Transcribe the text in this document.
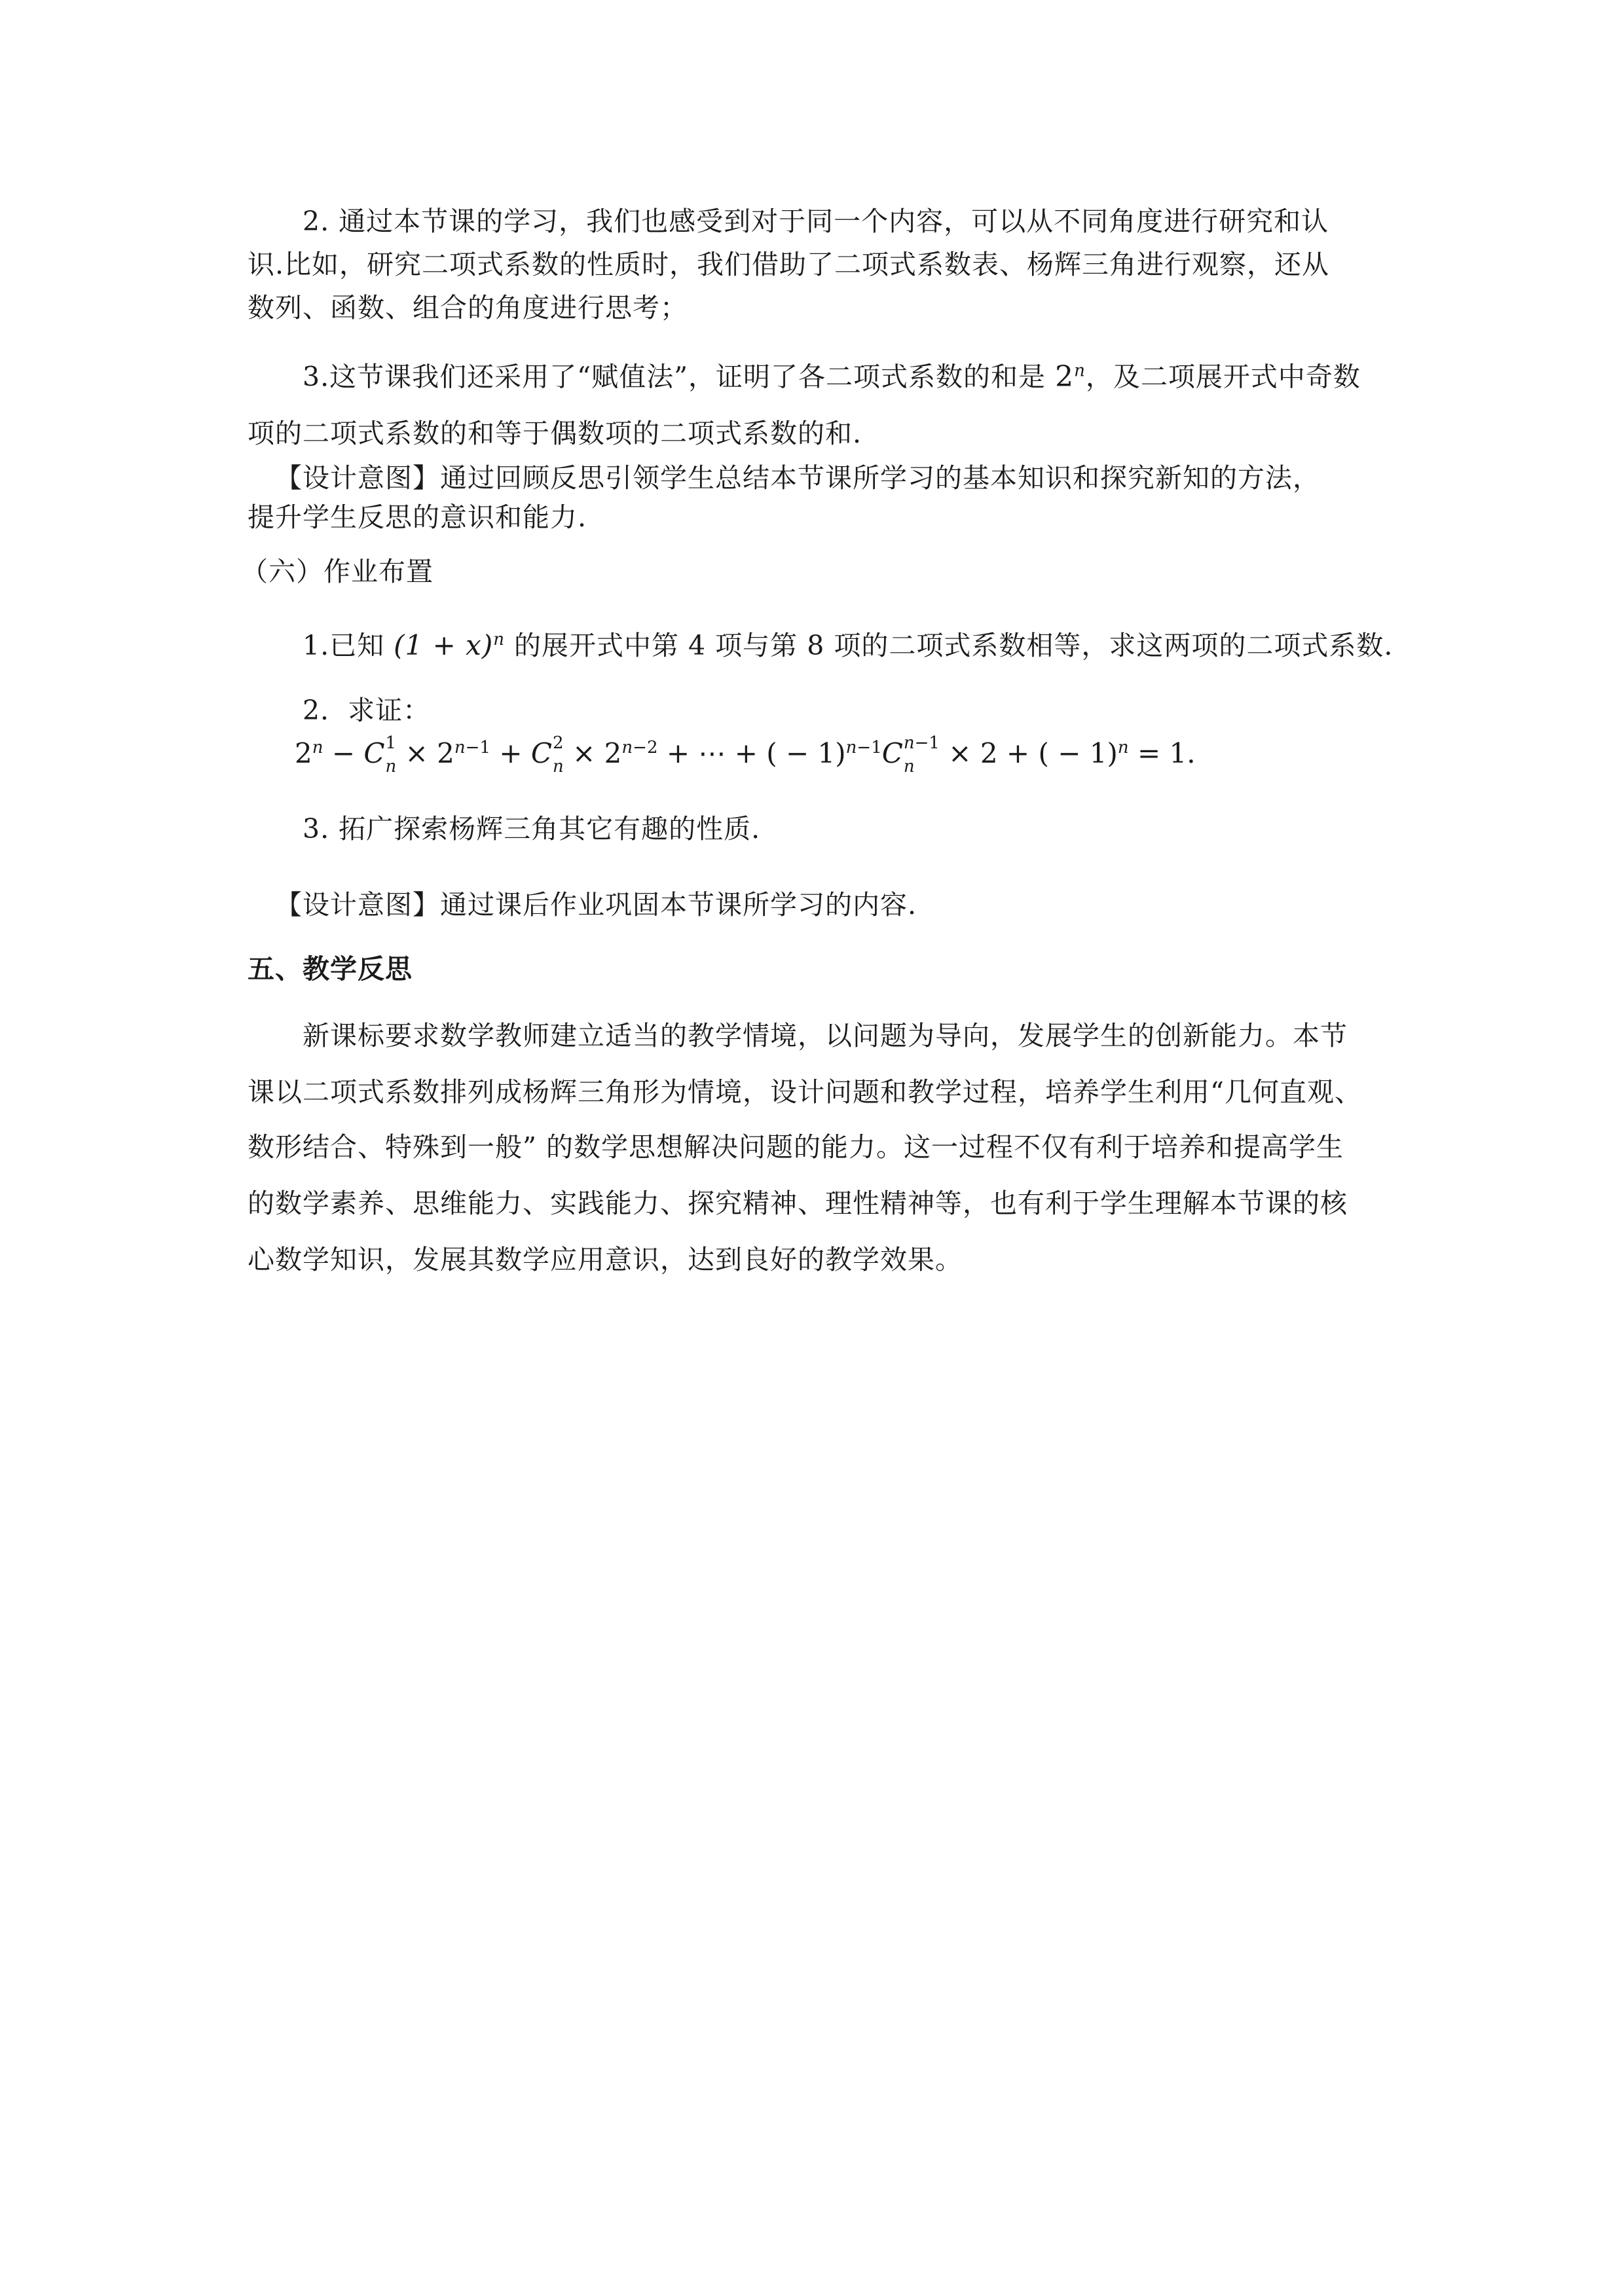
2. 通过本节课的学习，我们也感受到对于同一个内容，可以从不同角度进行研究和认
识.比如，研究二项式系数的性质时，我们借助了二项式系数表、杨辉三角进行观察，还从
数列、函数、组合的角度进行思考；
3.这节课我们还采用了“赋值法”，证明了各二项式系数的和是 2$^n$，及二项展开式中奇数
项的二项式系数的和等于偶数项的二项式系数的和.
【设计意图】通过回顾反思引领学生总结本节课所学习的基本知识和探究新知的方法，
提升学生反思的意识和能力.
（六）作业布置
1.已知 $(1 + x)^n$ 的展开式中第 4 项与第 8 项的二项式系数相等，求这两项的二项式系数.
2．求证：
$2^n - C$ 1
$n \times 2^{n-1} + C$ 2
$n \times 2^{n-2}$ + ⋯ + ( − 1)$^{n-1}$C n−1
n × 2 + ( − 1)$^n$ = 1.
3. 拓广探索杨辉三角其它有趣的性质.
【设计意图】通过课后作业巩固本节课所学习的内容.
五、教学反思
新课标要求数学教师建立适当的教学情境，以问题为导向，发展学生的创新能力。本节
课以二项式系数排列成杨辉三角形为情境，设计问题和教学过程，培养学生利用“几何直观、
数形结合、特殊到一般” 的数学思想解决问题的能力。这一过程不仅有利于培养和提高学生
的数学素养、思维能力、实践能力、探究精神、理性精神等，也有利于学生理解本节课的核
心数学知识，发展其数学应用意识，达到良好的教学效果。
